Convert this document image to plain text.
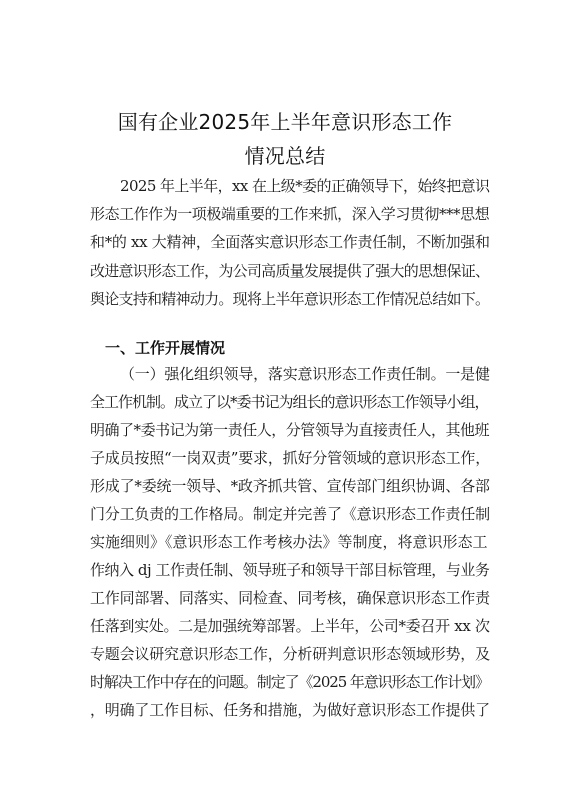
国有企业2025年上半年意识形态工作
情况总结
2025 年上半年，xx 在上级*委的正确领导下，始终把意识
形态工作作为一项极端重要的工作来抓，深入学习贯彻***思想
和*的 xx 大精神，全面落实意识形态工作责任制，不断加强和
改进意识形态工作，为公司高质量发展提供了强大的思想保证、
舆论支持和精神动力。现将上半年意识形态工作情况总结如下。
一、工作开展情况
（一）强化组织领导，落实意识形态工作责任制。一是健
全工作机制。成立了以*委书记为组长的意识形态工作领导小组，
明确了*委书记为第一责任人，分管领导为直接责任人，其他班
子成员按照“一岗双责”要求，抓好分管领域的意识形态工作，
形成了*委统一领导、*政齐抓共管、宣传部门组织协调、各部
门分工负责的工作格局。制定并完善了《意识形态工作责任制
实施细则》《意识形态工作考核办法》等制度，将意识形态工
作纳入 dj 工作责任制、领导班子和领导干部目标管理，与业务
工作同部署、同落实、同检查、同考核，确保意识形态工作责
任落到实处。二是加强统筹部署。上半年，公司*委召开 xx 次
专题会议研究意识形态工作，分析研判意识形态领域形势，及
时解决工作中存在的问题。制定了《2025 年意识形态工作计划》
，明确了工作目标、任务和措施，为做好意识形态工作提供了
